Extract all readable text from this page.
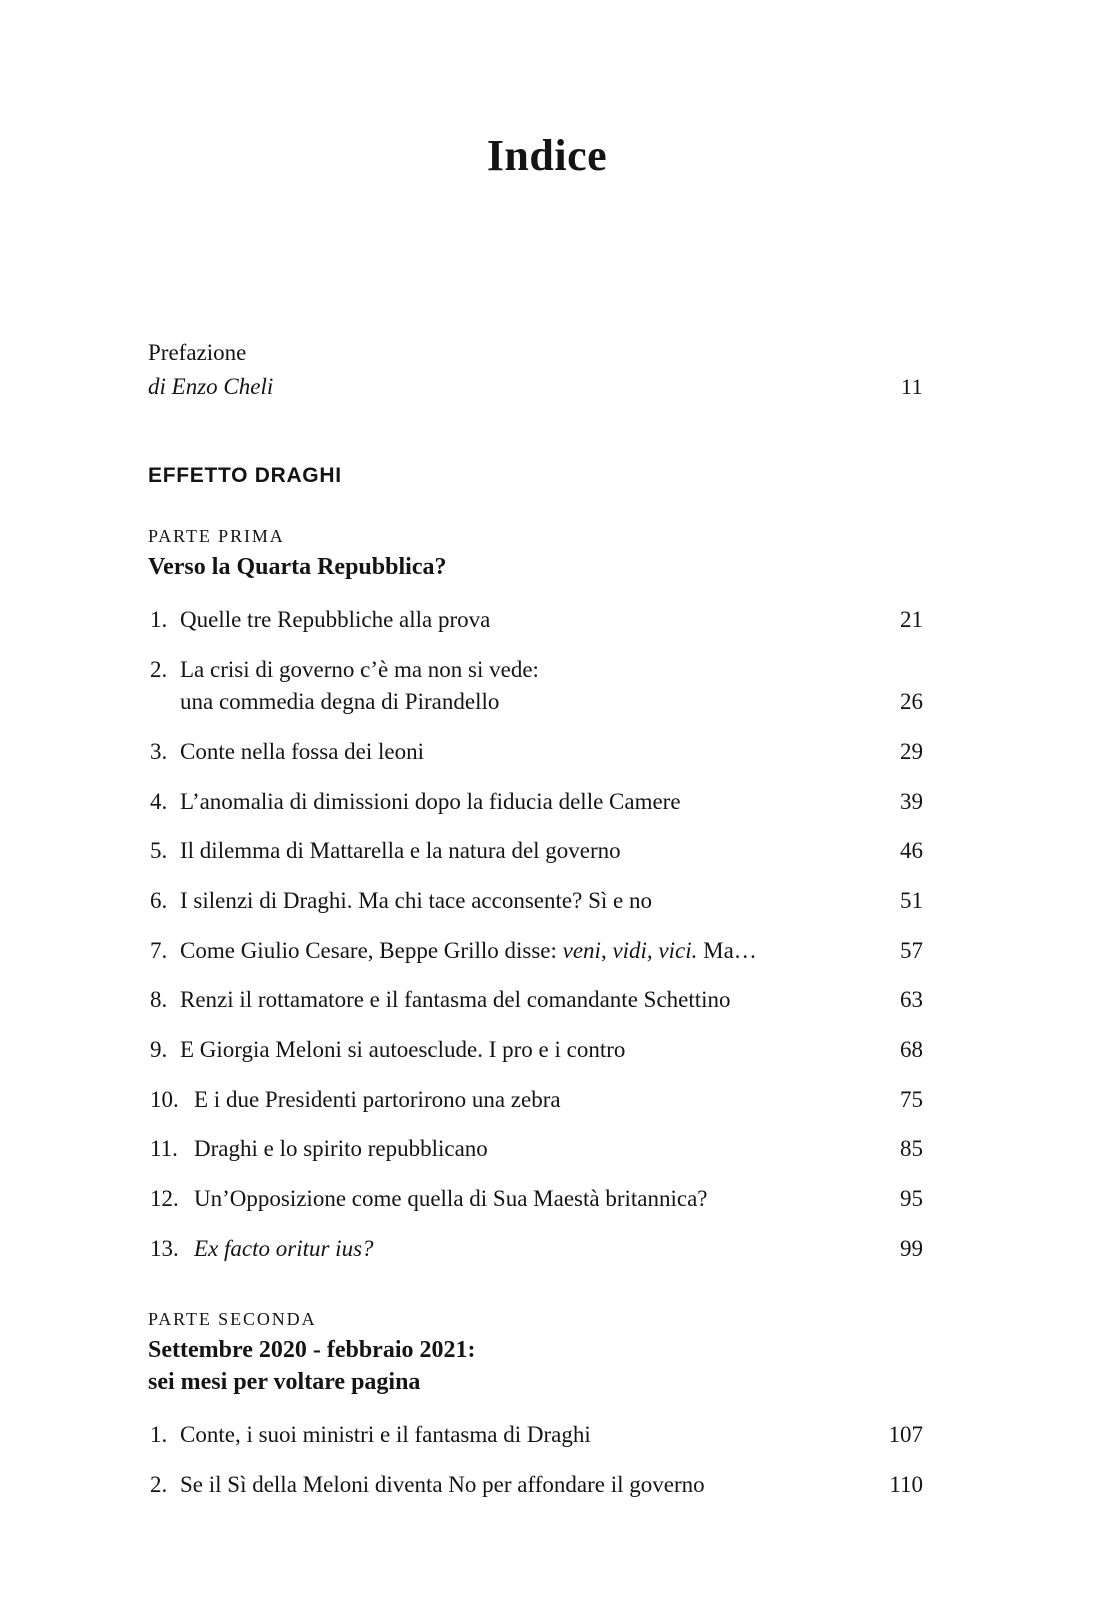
Indice
Prefazione
di Enzo Cheli	11
EFFETTO DRAGHI
PARTE PRIMA
Verso la Quarta Repubblica?
1. Quelle tre Repubbliche alla prova	21
2. La crisi di governo c’è ma non si vede:
una commedia degna di Pirandello	26
3. Conte nella fossa dei leoni	29
4. L’anomalia di dimissioni dopo la fiducia delle Camere	39
5. Il dilemma di Mattarella e la natura del governo	46
6. I silenzi di Draghi. Ma chi tace acconsente? Sì e no	51
7. Come Giulio Cesare, Beppe Grillo disse: veni, vidi, vici. Ma…	57
8. Renzi il rottamatore e il fantasma del comandante Schettino	63
9. E Giorgia Meloni si autoesclude. I pro e i contro	68
10. E i due Presidenti partorirono una zebra	75
11. Draghi e lo spirito repubblicano	85
12. Un’Opposizione come quella di Sua Maestà britannica?	95
13. Ex facto oritur ius?	99
PARTE SECONDA
Settembre 2020 - febbraio 2021:
sei mesi per voltare pagina
1. Conte, i suoi ministri e il fantasma di Draghi	107
2. Se il Sì della Meloni diventa No per affondare il governo	110
